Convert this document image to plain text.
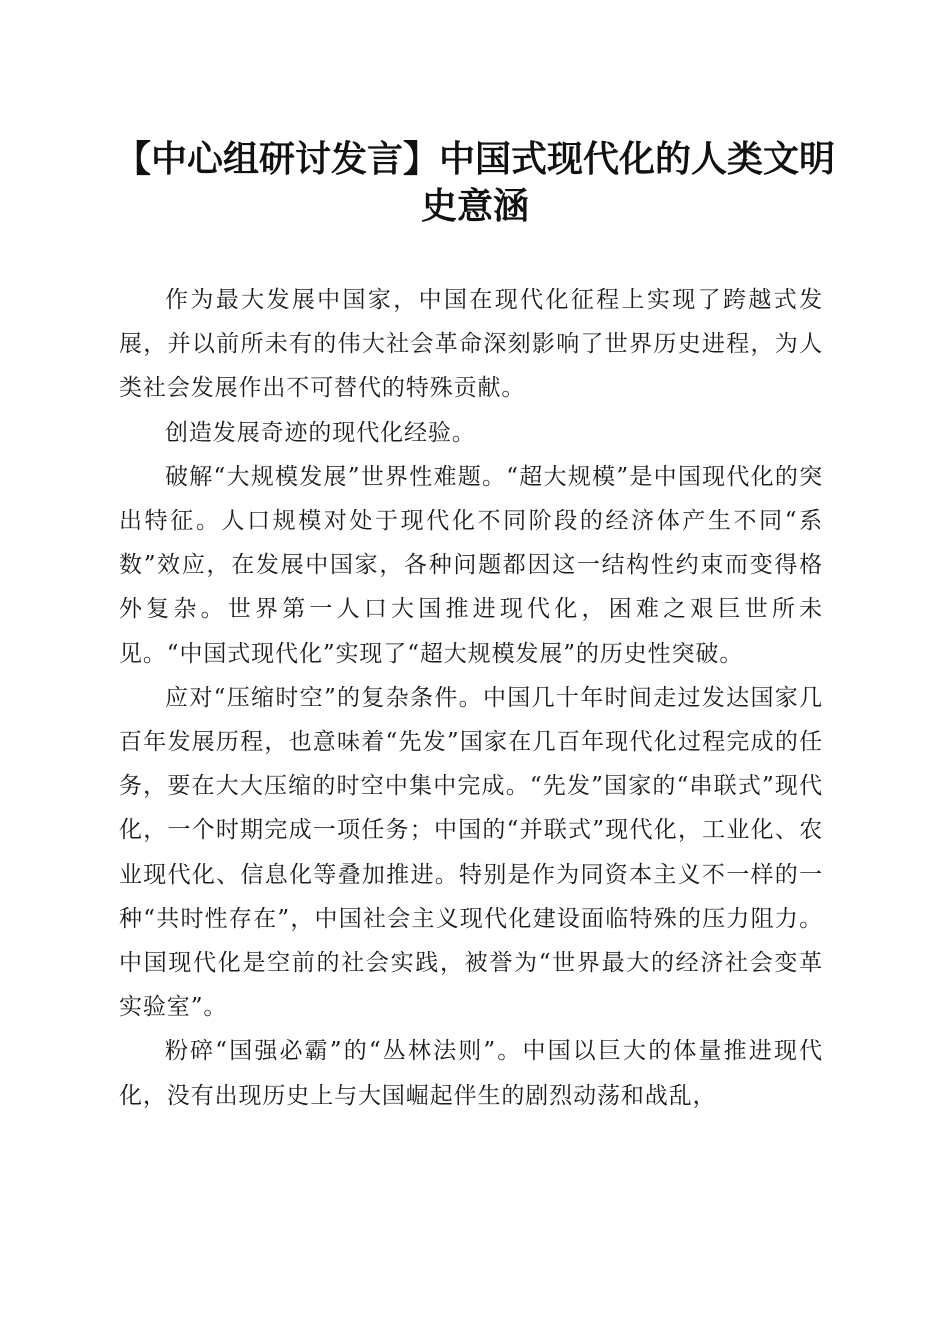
【中心组研讨发言】中国式现代化的人类文明史意涵

作为最大发展中国家，中国在现代化征程上实现了跨越式发展，并以前所未有的伟大社会革命深刻影响了世界历史进程，为人类社会发展作出不可替代的特殊贡献。

创造发展奇迹的现代化经验。

破解“大规模发展”世界性难题。“超大规模”是中国现代化的突出特征。人口规模对处于现代化不同阶段的经济体产生不同“系数”效应，在发展中国家，各种问题都因这一结构性约束而变得格外复杂。世界第一人口大国推进现代化，困难之艰巨世所未见。“中国式现代化”实现了“超大规模发展”的历史性突破。

应对“压缩时空”的复杂条件。中国几十年时间走过发达国家几百年发展历程，也意味着“先发”国家在几百年现代化过程完成的任务，要在大大压缩的时空中集中完成。“先发”国家的“串联式”现代化，一个时期完成一项任务；中国的“并联式”现代化，工业化、农业现代化、信息化等叠加推进。特别是作为同资本主义不一样的一种“共时性存在”，中国社会主义现代化建设面临特殊的压力阻力。中国现代化是空前的社会实践，被誉为“世界最大的经济社会变革实验室”。

粉碎“国强必霸”的“丛林法则”。中国以巨大的体量推进现代化，没有出现历史上与大国崛起伴生的剧烈动荡和战乱，
